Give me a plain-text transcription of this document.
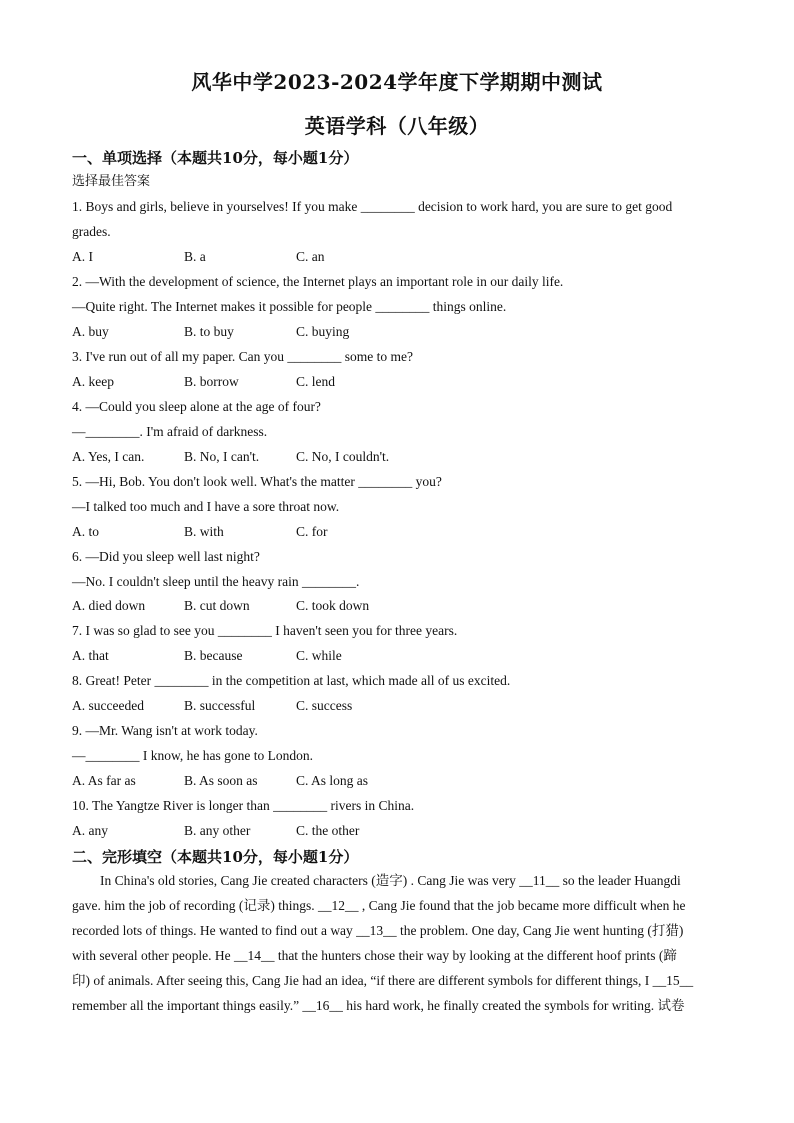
风华中学2023-2024学年度下学期期中测试
英语学科（八年级）
一、单项选择（本题共10分，每小题1分）
选择最佳答案
1. Boys and girls, believe in yourselves! If you make ________ decision to work hard, you are sure to get good
grades.
A. I	B. a	C. an
2. —With the development of science, the Internet plays an important role in our daily life.
—Quite right. The Internet makes it possible for people ________ things online.
A. buy	B. to buy	C. buying
3. I've run out of all my paper. Can you ________ some to me?
A. keep	B. borrow	C. lend
4. —Could you sleep alone at the age of four?
—________. I'm afraid of darkness.
A. Yes, I can.	B. No, I can't.	C. No, I couldn't.
5. —Hi, Bob. You don't look well. What's the matter ________ you?
—I talked too much and I have a sore throat now.
A. to	B. with	C. for
6. —Did you sleep well last night?
—No. I couldn't sleep until the heavy rain ________.
A. died down	B. cut down	C. took down
7. I was so glad to see you ________ I haven't seen you for three years.
A. that	B. because	C. while
8. Great! Peter ________ in the competition at last, which made all of us excited.
A. succeeded	B. successful	C. success
9. —Mr. Wang isn't at work today.
—________ I know, he has gone to London.
A. As far as	B. As soon as	C. As long as
10. The Yangtze River is longer than ________ rivers in China.
A. any	B. any other	C. the other
二、完形填空（本题共10分，每小题1分）
In China's old stories, Cang Jie created characters (造字) . Cang Jie was very __11__ so the leader Huangdi
gave. him the job of recording (记录) things. __12__ , Cang Jie found that the job became more difficult when he
recorded lots of things. He wanted to find out a way __13__ the problem. One day, Cang Jie went hunting (打猎)
with several other people. He __14__ that the hunters chose their way by looking at the different hoof prints (蹄
印) of animals. After seeing this, Cang Jie had an idea, “if there are different symbols for different things, I __15__
remember all the important things easily.” __16__ his hard work, he finally created the symbols for writing. 试卷
